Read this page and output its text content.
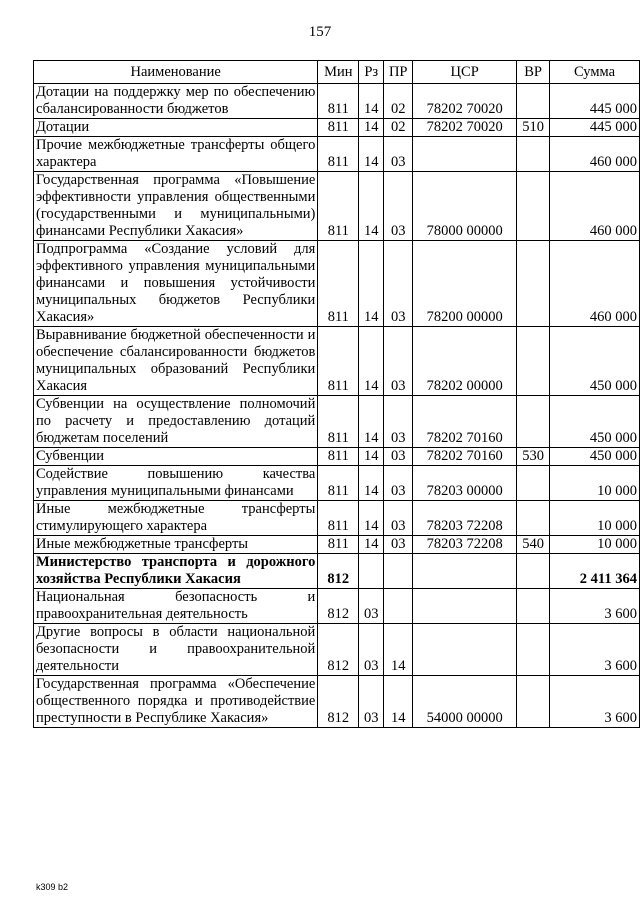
157
Наименование	Мин	Рз	ПР	ЦСР	ВР	Сумма
Дотации на поддержку мер по обеспечению сбалансированности бюджетов	811	14	02	78202 70020		445 000
Дотации	811	14	02	78202 70020	510	445 000
Прочие межбюджетные трансферты общего характера	811	14	03			460 000
Государственная программа «Повышение эффективности управления общественными (государственными и муниципальными) финансами Республики Хакасия»	811	14	03	78000 00000		460 000
Подпрограмма «Создание условий для эффективного управления муниципальными финансами и повышения устойчивости муниципальных бюджетов Республики Хакасия»	811	14	03	78200 00000		460 000
Выравнивание бюджетной обеспеченности и обеспечение сбалансированности бюджетов муниципальных образований Республики Хакасия	811	14	03	78202 00000		450 000
Субвенции на осуществление полномочий по расчету и предоставлению дотаций бюджетам поселений	811	14	03	78202 70160		450 000
Субвенции	811	14	03	78202 70160	530	450 000
Содействие повышению качества управления муниципальными финансами	811	14	03	78203 00000		10 000
Иные межбюджетные трансферты стимулирующего характера	811	14	03	78203 72208		10 000
Иные межбюджетные трансферты	811	14	03	78203 72208	540	10 000
Министерство транспорта и дорожного хозяйства Республики Хакасия	812					2 411 364
Национальная безопасность и правоохранительная деятельность	812	03				3 600
Другие вопросы в области национальной безопасности и правоохранительной деятельности	812	03	14			3 600
Государственная программа «Обеспечение общественного порядка и противодействие преступности в Республике Хакасия»	812	03	14	54000 00000		3 600
k309 b2
